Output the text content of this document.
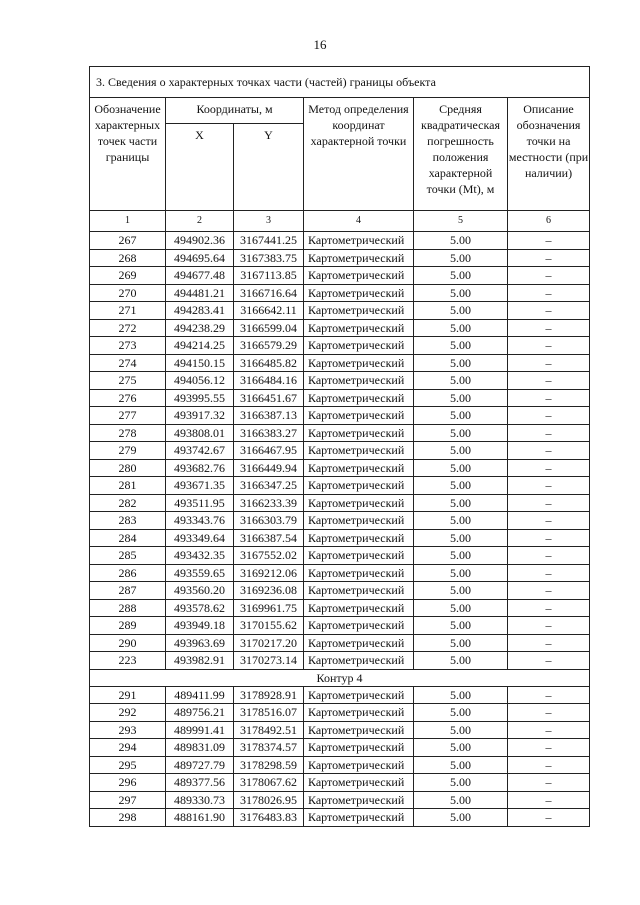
16
3. Сведения о характерных точках части (частей) границы объекта					
Обозначение характерных точек части границы	Координаты, м		Метод определения координат характерной точки	Средняя квадратическая погрешность положения характерной точки (Mt), м	Описание обозначения точки на местности (при наличии)
	X	Y			
1	2	3	4	5	6
267	494902.36	3167441.25	Картометрический	5.00	–
268	494695.64	3167383.75	Картометрический	5.00	–
269	494677.48	3167113.85	Картометрический	5.00	–
270	494481.21	3166716.64	Картометрический	5.00	–
271	494283.41	3166642.11	Картометрический	5.00	–
272	494238.29	3166599.04	Картометрический	5.00	–
273	494214.25	3166579.29	Картометрический	5.00	–
274	494150.15	3166485.82	Картометрический	5.00	–
275	494056.12	3166484.16	Картометрический	5.00	–
276	493995.55	3166451.67	Картометрический	5.00	–
277	493917.32	3166387.13	Картометрический	5.00	–
278	493808.01	3166383.27	Картометрический	5.00	–
279	493742.67	3166467.95	Картометрический	5.00	–
280	493682.76	3166449.94	Картометрический	5.00	–
281	493671.35	3166347.25	Картометрический	5.00	–
282	493511.95	3166233.39	Картометрический	5.00	–
283	493343.76	3166303.79	Картометрический	5.00	–
284	493349.64	3166387.54	Картометрический	5.00	–
285	493432.35	3167552.02	Картометрический	5.00	–
286	493559.65	3169212.06	Картометрический	5.00	–
287	493560.20	3169236.08	Картометрический	5.00	–
288	493578.62	3169961.75	Картометрический	5.00	–
289	493949.18	3170155.62	Картометрический	5.00	–
290	493963.69	3170217.20	Картометрический	5.00	–
223	493982.91	3170273.14	Картометрический	5.00	–
Контур 4					
291	489411.99	3178928.91	Картометрический	5.00	–
292	489756.21	3178516.07	Картометрический	5.00	–
293	489991.41	3178492.51	Картометрический	5.00	–
294	489831.09	3178374.57	Картометрический	5.00	–
295	489727.79	3178298.59	Картометрический	5.00	–
296	489377.56	3178067.62	Картометрический	5.00	–
297	489330.73	3178026.95	Картометрический	5.00	–
298	488161.90	3176483.83	Картометрический	5.00	–
